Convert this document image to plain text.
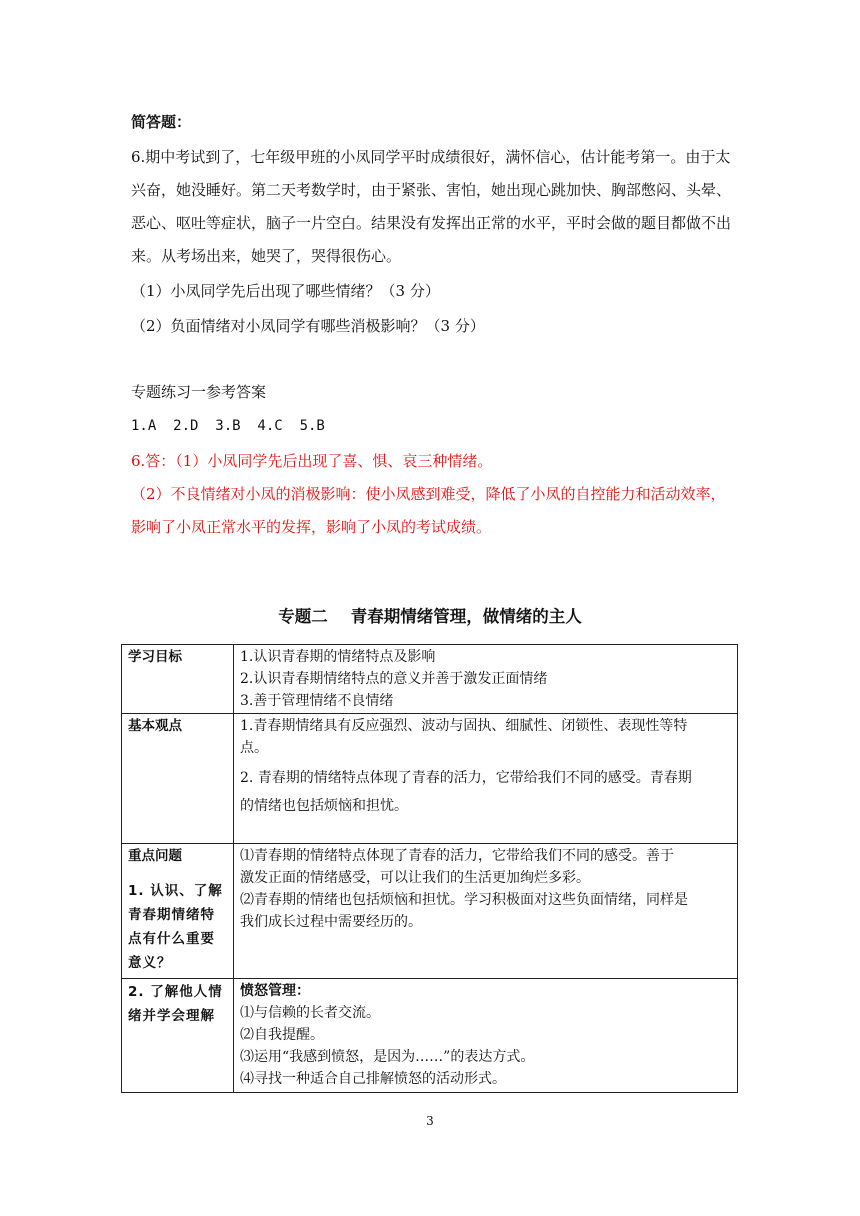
简答题：
6.期中考试到了，七年级甲班的小凤同学平时成绩很好，满怀信心，估计能考第一。由于太
兴奋，她没睡好。第二天考数学时，由于紧张、害怕，她出现心跳加快、胸部憋闷、头晕、
恶心、呕吐等症状，脑子一片空白。结果没有发挥出正常的水平，平时会做的题目都做不出
来。从考场出来，她哭了，哭得很伤心。
（1）小凤同学先后出现了哪些情绪？（3 分）
（2）负面情绪对小凤同学有哪些消极影响？（3 分）
专题练习一参考答案
1.A  2.D  3.B  4.C  5.B
6.答：（1）小凤同学先后出现了喜、惧、哀三种情绪。
（2）不良情绪对小凤的消极影响：使小凤感到难受，降低了小凤的自控能力和活动效率，
影响了小凤正常水平的发挥，影响了小凤的考试成绩。
专题二    青春期情绪管理，做情绪的主人
学习目标	1.认识青春期的情绪特点及影响
2.认识青春期情绪特点的意义并善于激发正面情绪
3.善于管理情绪不良情绪

基本观点	1.青春期情绪具有反应强烈、波动与固执、细腻性、闭锁性、表现性等特
点。
2. 青春期的情绪特点体现了青春的活力，它带给我们不同的感受。青春期
的情绪也包括烦恼和担忧。

重点问题
1. 认识、了解青春期情绪特点有什么重要意义？	⑴青春期的情绪特点体现了青春的活力，它带给我们不同的感受。善于
激发正面的情绪感受，可以让我们的生活更加绚烂多彩。
⑵青春期的情绪也包括烦恼和担忧。学习积极面对这些负面情绪，同样是
我们成长过程中需要经历的。

2. 了解他人情绪并学会理解	愤怒管理：
⑴与信赖的长者交流。
⑵自我提醒。
⑶运用“我感到愤怒，是因为……”的表达方式。
⑷寻找一种适合自己排解愤怒的活动形式。
3
